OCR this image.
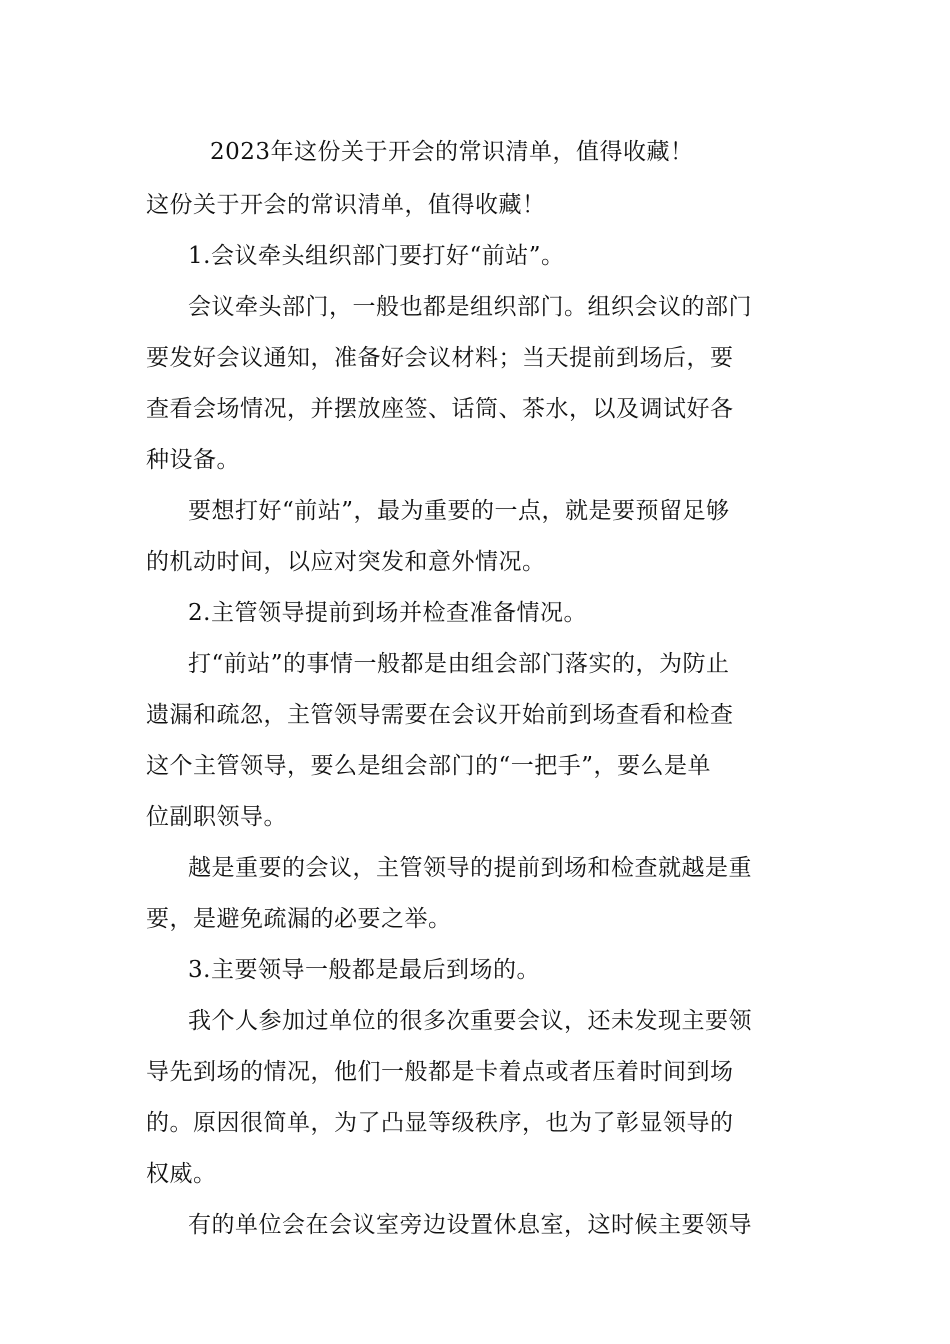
2023年这份关于开会的常识清单，值得收藏！
这份关于开会的常识清单，值得收藏！
1.会议牵头组织部门要打好“前站”。
会议牵头部门，一般也都是组织部门。组织会议的部门
要发好会议通知，准备好会议材料；当天提前到场后，要
查看会场情况，并摆放座签、话筒、茶水，以及调试好各
种设备。
要想打好“前站”，最为重要的一点，就是要预留足够
的机动时间，以应对突发和意外情况。
2.主管领导提前到场并检查准备情况。
打“前站”的事情一般都是由组会部门落实的，为防止
遗漏和疏忽，主管领导需要在会议开始前到场查看和检查
这个主管领导，要么是组会部门的“一把手”，要么是单
位副职领导。
越是重要的会议，主管领导的提前到场和检查就越是重
要，是避免疏漏的必要之举。
3.主要领导一般都是最后到场的。
我个人参加过单位的很多次重要会议，还未发现主要领
导先到场的情况，他们一般都是卡着点或者压着时间到场
的。原因很简单，为了凸显等级秩序，也为了彰显领导的
权威。
有的单位会在会议室旁边设置休息室，这时候主要领导
